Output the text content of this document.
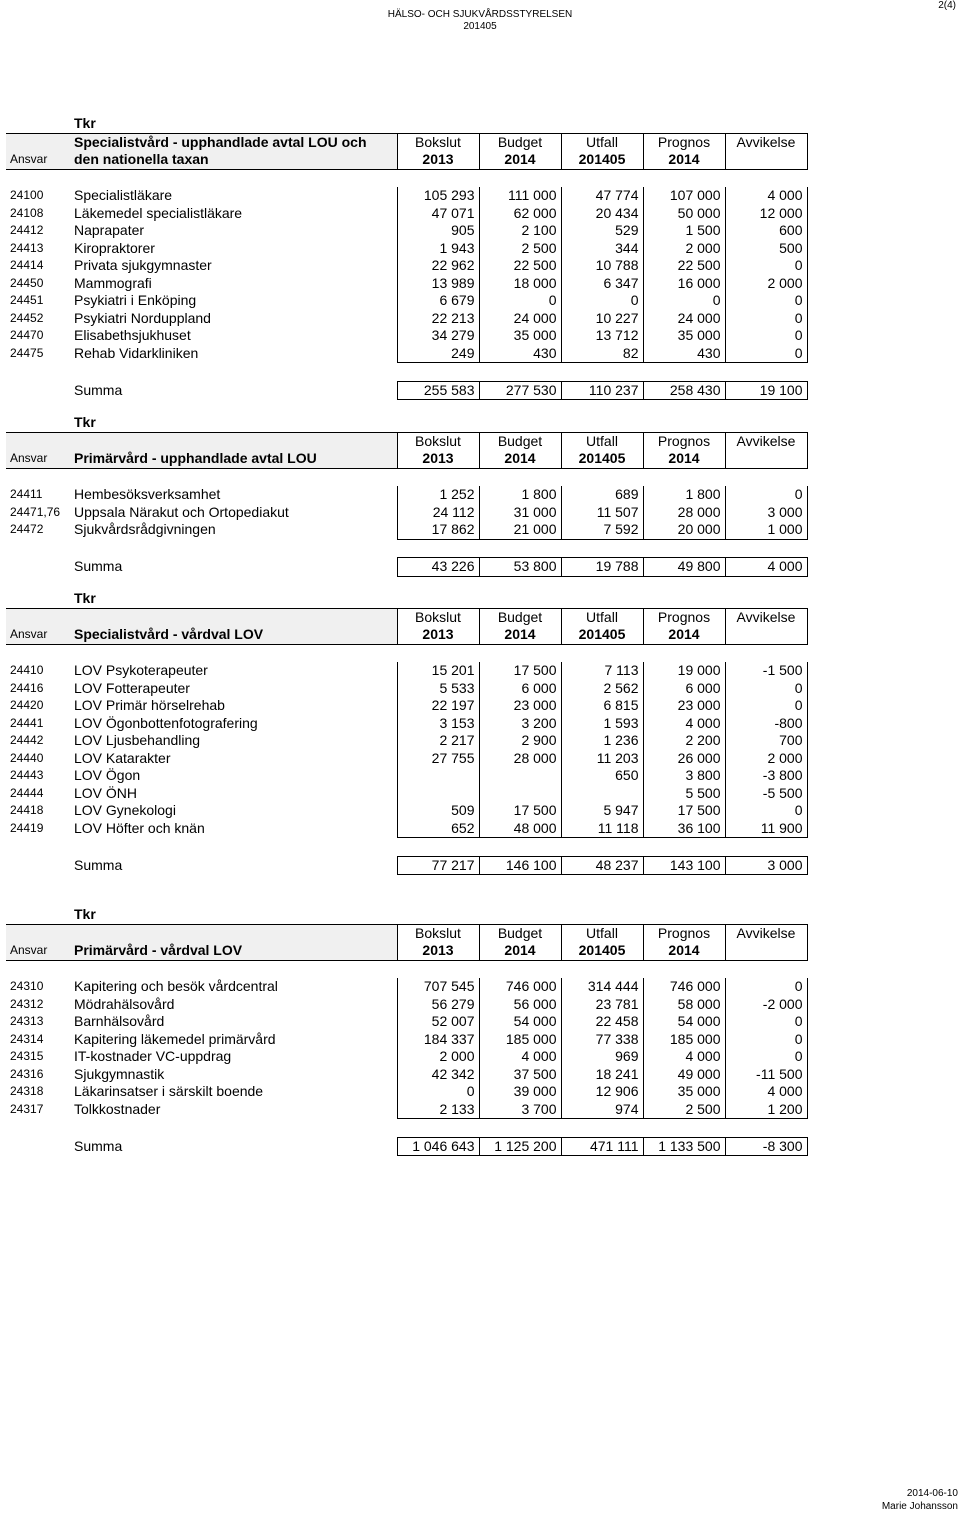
2(4)
HÄLSO- OCH SJUKVÅRDSSTYRELSEN
201405
	Tkr					
	Specialistvård - upphandlade avtal LOU och	Bokslut	Budget	Utfall	Prognos	Avvikelse
Ansvar	den nationella taxan	2013	2014	201405	2014	

24100	Specialistläkare	105 293	111 000	47 774	107 000	4 000
24108	Läkemedel specialistläkare	47 071	62 000	20 434	50 000	12 000
24412	Naprapater	905	2 100	529	1 500	600
24413	Kiropraktorer	1 943	2 500	344	2 000	500
24414	Privata sjukgymnaster	22 962	22 500	10 788	22 500	0
24450	Mammografi	13 989	18 000	6 347	16 000	2 000
24451	Psykiatri i Enköping	6 679	0	0	0	0
24452	Psykiatri Norduppland	22 213	24 000	10 227	24 000	0
24470	Elisabethsjukhuset	34 279	35 000	13 712	35 000	0
24475	Rehab Vidarkliniken	249	430	82	430	0

	Summa	255 583	277 530	110 237	258 430	19 100
	Tkr					
		Bokslut	Budget	Utfall	Prognos	Avvikelse
Ansvar	Primärvård - upphandlade avtal LOU	2013	2014	201405	2014	

24411	Hembesöksverksamhet	1 252	1 800	689	1 800	0
24471,76	Uppsala Närakut och Ortopediakut	24 112	31 000	11 507	28 000	3 000
24472	Sjukvårdsrådgivningen	17 862	21 000	7 592	20 000	1 000

	Summa	43 226	53 800	19 788	49 800	4 000
	Tkr					
		Bokslut	Budget	Utfall	Prognos	Avvikelse
Ansvar	Specialistvård - vårdval LOV	2013	2014	201405	2014	

24410	LOV Psykoterapeuter	15 201	17 500	7 113	19 000	-1 500
24416	LOV Fotterapeuter	5 533	6 000	2 562	6 000	0
24420	LOV Primär hörselrehab	22 197	23 000	6 815	23 000	0
24441	LOV Ögonbottenfotografering	3 153	3 200	1 593	4 000	-800
24442	LOV Ljusbehandling	2 217	2 900	1 236	2 200	700
24440	LOV Katarakter	27 755	28 000	11 203	26 000	2 000
24443	LOV Ögon			650	3 800	-3 800
24444	LOV ÖNH				5 500	-5 500
24418	LOV Gynekologi	509	17 500	5 947	17 500	0
24419	LOV Höfter och knän	652	48 000	11 118	36 100	11 900

	Summa	77 217	146 100	48 237	143 100	3 000
	Tkr					
		Bokslut	Budget	Utfall	Prognos	Avvikelse
Ansvar	Primärvård - vårdval LOV	2013	2014	201405	2014	

24310	Kapitering och besök vårdcentral	707 545	746 000	314 444	746 000	0
24312	Mödrahälsovård	56 279	56 000	23 781	58 000	-2 000
24313	Barnhälsovård	52 007	54 000	22 458	54 000	0
24314	Kapitering läkemedel primärvård	184 337	185 000	77 338	185 000	0
24315	IT-kostnader VC-uppdrag	2 000	4 000	969	4 000	0
24316	Sjukgymnastik	42 342	37 500	18 241	49 000	-11 500
24318	Läkarinsatser i särskilt boende	0	39 000	12 906	35 000	4 000
24317	Tolkkostnader	2 133	3 700	974	2 500	1 200

	Summa	1 046 643	1 125 200	471 111	1 133 500	-8 300
2014-06-10
Marie Johansson
